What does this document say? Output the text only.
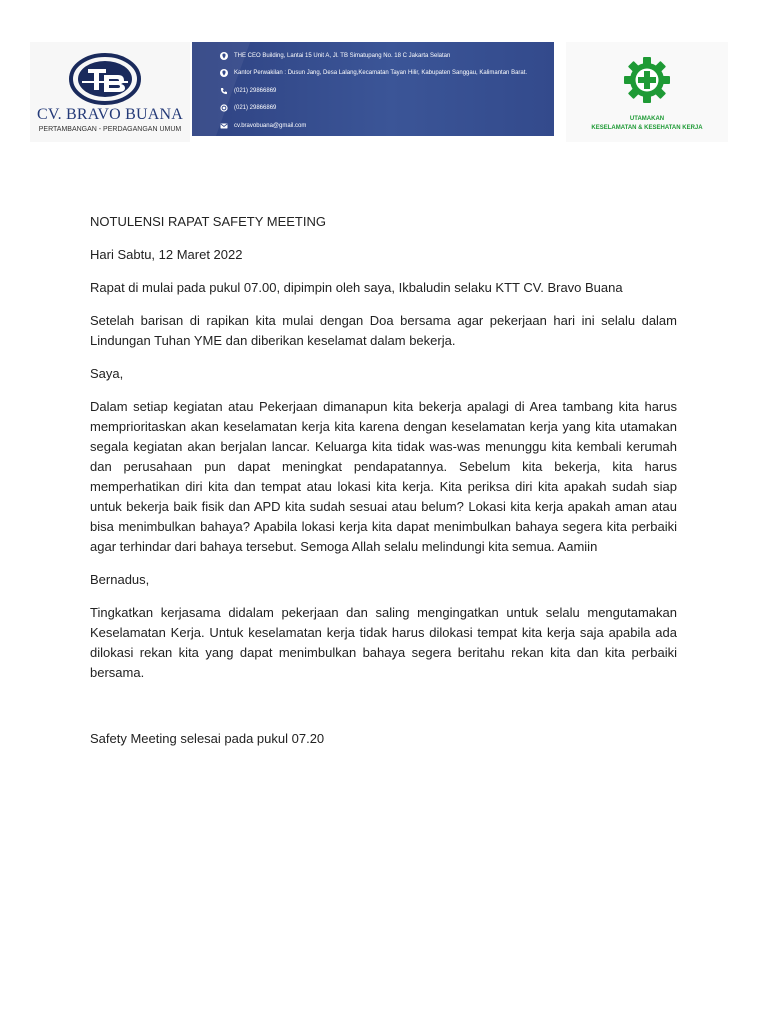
CV. BRAVO BUANA
PERTAMBANGAN - PERDAGANGAN UMUM
THE CEO Building, Lantai 15 Unit A, Jl. TB Simatupang No. 18 C Jakarta Selatan
Kantor Perwakilan : Dusun Jang, Desa Lalang,Kecamatan Tayan Hilir, Kabupaten Sanggau, Kalimantan Barat.
(021) 29866869
(021) 29866869
cv.bravobuana@gmail.com
UTAMAKAN
KESELAMATAN & KESEHATAN KERJA

NOTULENSI RAPAT SAFETY MEETING

Hari Sabtu, 12 Maret 2022

Rapat di mulai pada pukul 07.00, dipimpin oleh saya, Ikbaludin selaku KTT CV. Bravo Buana

Setelah barisan di rapikan kita mulai dengan Doa bersama agar pekerjaan hari ini selalu dalam Lindungan Tuhan YME dan diberikan keselamat dalam bekerja.

Saya,

Dalam setiap kegiatan atau Pekerjaan dimanapun kita bekerja apalagi di Area tambang kita harus memprioritaskan akan keselamatan kerja kita karena dengan keselamatan kerja yang kita utamakan segala kegiatan akan berjalan lancar. Keluarga kita tidak was-was menunggu kita kembali kerumah dan perusahaan pun dapat meningkat pendapatannya. Sebelum kita bekerja, kita harus memperhatikan diri kita dan tempat atau lokasi kita kerja. Kita periksa diri kita apakah sudah siap untuk bekerja baik fisik dan APD kita sudah sesuai atau belum? Lokasi kita kerja apakah aman atau bisa menimbulkan bahaya? Apabila lokasi kerja kita dapat menimbulkan bahaya segera kita perbaiki agar terhindar dari bahaya tersebut. Semoga Allah selalu melindungi kita semua. Aamiin

Bernadus,

Tingkatkan kerjasama didalam pekerjaan dan saling mengingatkan untuk selalu mengutamakan Keselamatan Kerja. Untuk keselamatan kerja tidak harus dilokasi tempat kita kerja saja apabila ada dilokasi rekan kita yang dapat menimbulkan bahaya segera beritahu rekan kita dan kita perbaiki bersama.

Safety Meeting selesai pada pukul 07.20
